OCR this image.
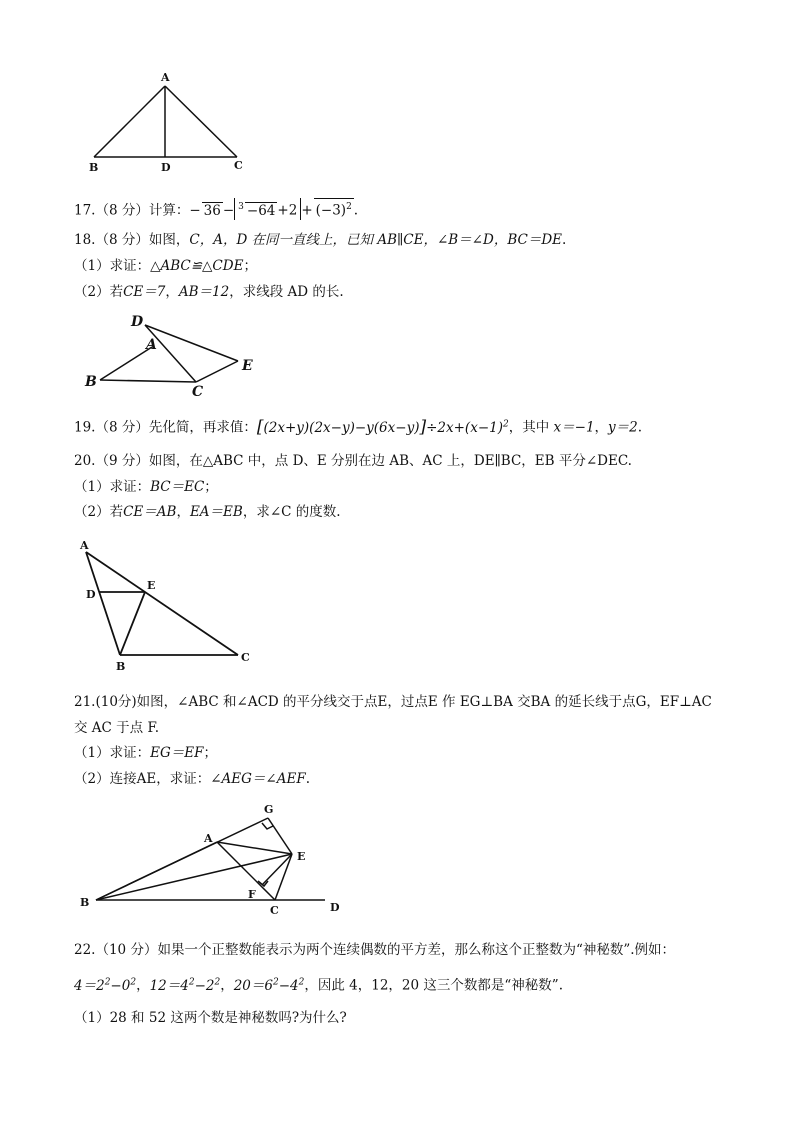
A
B	D	C
17.（8 分）计算：− $36 - ^3 -64 +2 + (-3)^2$ .
18.（8 分）如图，C，A，D 在同一直线上，已知 AB∥CE，∠B＝∠D，BC＝DE.
（1）求证：△ABC≌△CDE；
（2）若CE＝7，AB＝12，求线段 AD 的长.
D
A
E
B
C
19.（8 分）先化简，再求值：$[(2x+y)(2x-y)-y(6x-y)]\div 2x+(x-1)^2$，其中 x＝−1，y＝2.
20.（9 分）如图，在△ABC 中，点 D、E 分别在边 AB、AC 上，DE∥BC，EB 平分∠DEC.
（1）求证：BC＝EC；
（2）若CE＝AB，EA＝EB，求∠C 的度数.
A
E
D
B
C
21.(10分)如图，∠ABC 和∠ACD 的平分线交于点E，过点E 作 EG⊥BA 交BA 的延长线于点G，EF⊥AC
交 AC 于点 F.
（1）求证：EG＝EF；
（2）连接AE，求证：∠AEG＝∠AEF.
G
A
E
F
B
C	D
22.（10 分）如果一个正整数能表示为两个连续偶数的平方差，那么称这个正整数为“神秘数”.例如：
$4=2^2-0^2$，$12=4^2-2^2$，$20=6^2-4^2$，因此 4，12，20 这三个数都是“神秘数”.
（1）28 和 52 这两个数是神秘数吗?为什么?
